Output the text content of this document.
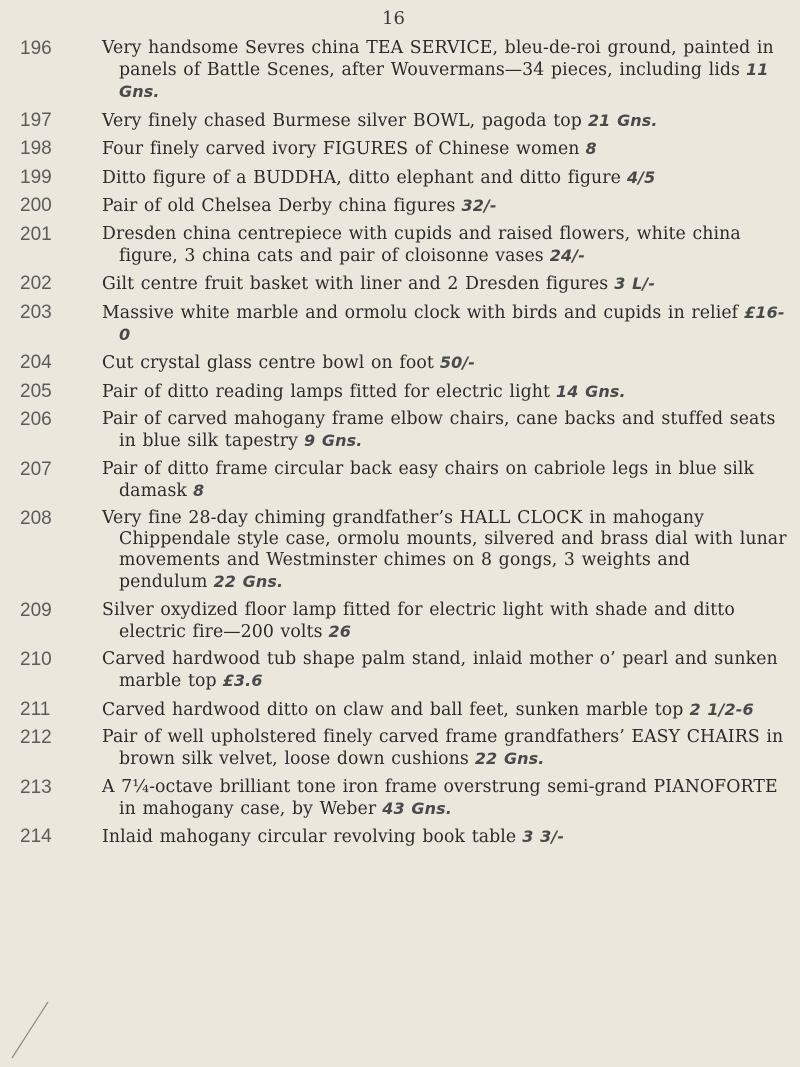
16
196	Very handsome Sevres china TEA SERVICE, bleu-de-roi ground, painted in panels of Battle Scenes, after Wouvermans—34 pieces, including lids 11 Gns.
197	Very finely chased Burmese silver BOWL, pagoda top 21 Gns.
198	Four finely carved ivory FIGURES of Chinese women 8
199	Ditto figure of a BUDDHA, ditto elephant and ditto figure 4/5
200	Pair of old Chelsea Derby china figures 32/-
201	Dresden china centrepiece with cupids and raised flowers, white china figure, 3 china cats and pair of cloisonne vases 24/-
202	Gilt centre fruit basket with liner and 2 Dresden figures 3 L/-
203	Massive white marble and ormolu clock with birds and cupids in relief £16-0
204	Cut crystal glass centre bowl on foot 50/-
205	Pair of ditto reading lamps fitted for electric light 14 Gns.
206	Pair of carved mahogany frame elbow chairs, cane backs and stuffed seats in blue silk tapestry 9 Gns.
207	Pair of ditto frame circular back easy chairs on cabriole legs in blue silk damask 8
208	Very fine 28-day chiming grandfather’s HALL CLOCK in mahogany Chippendale style case, ormolu mounts, silvered and brass dial with lunar movements and Westminster chimes on 8 gongs, 3 weights and pendulum 22 Gns.
209	Silver oxydized floor lamp fitted for electric light with shade and ditto electric fire—200 volts 26
210	Carved hardwood tub shape palm stand, inlaid mother o’ pearl and sunken marble top £3.6
211	Carved hardwood ditto on claw and ball feet, sunken marble top 2 1/2-6
212	Pair of well upholstered finely carved frame grandfathers’ EASY CHAIRS in brown silk velvet, loose down cushions 22 Gns.
213	A 7¼-octave brilliant tone iron frame overstrung semi-grand PIANOFORTE in mahogany case, by Weber 43 Gns.
214	Inlaid mahogany circular revolving book table 3 3/-
